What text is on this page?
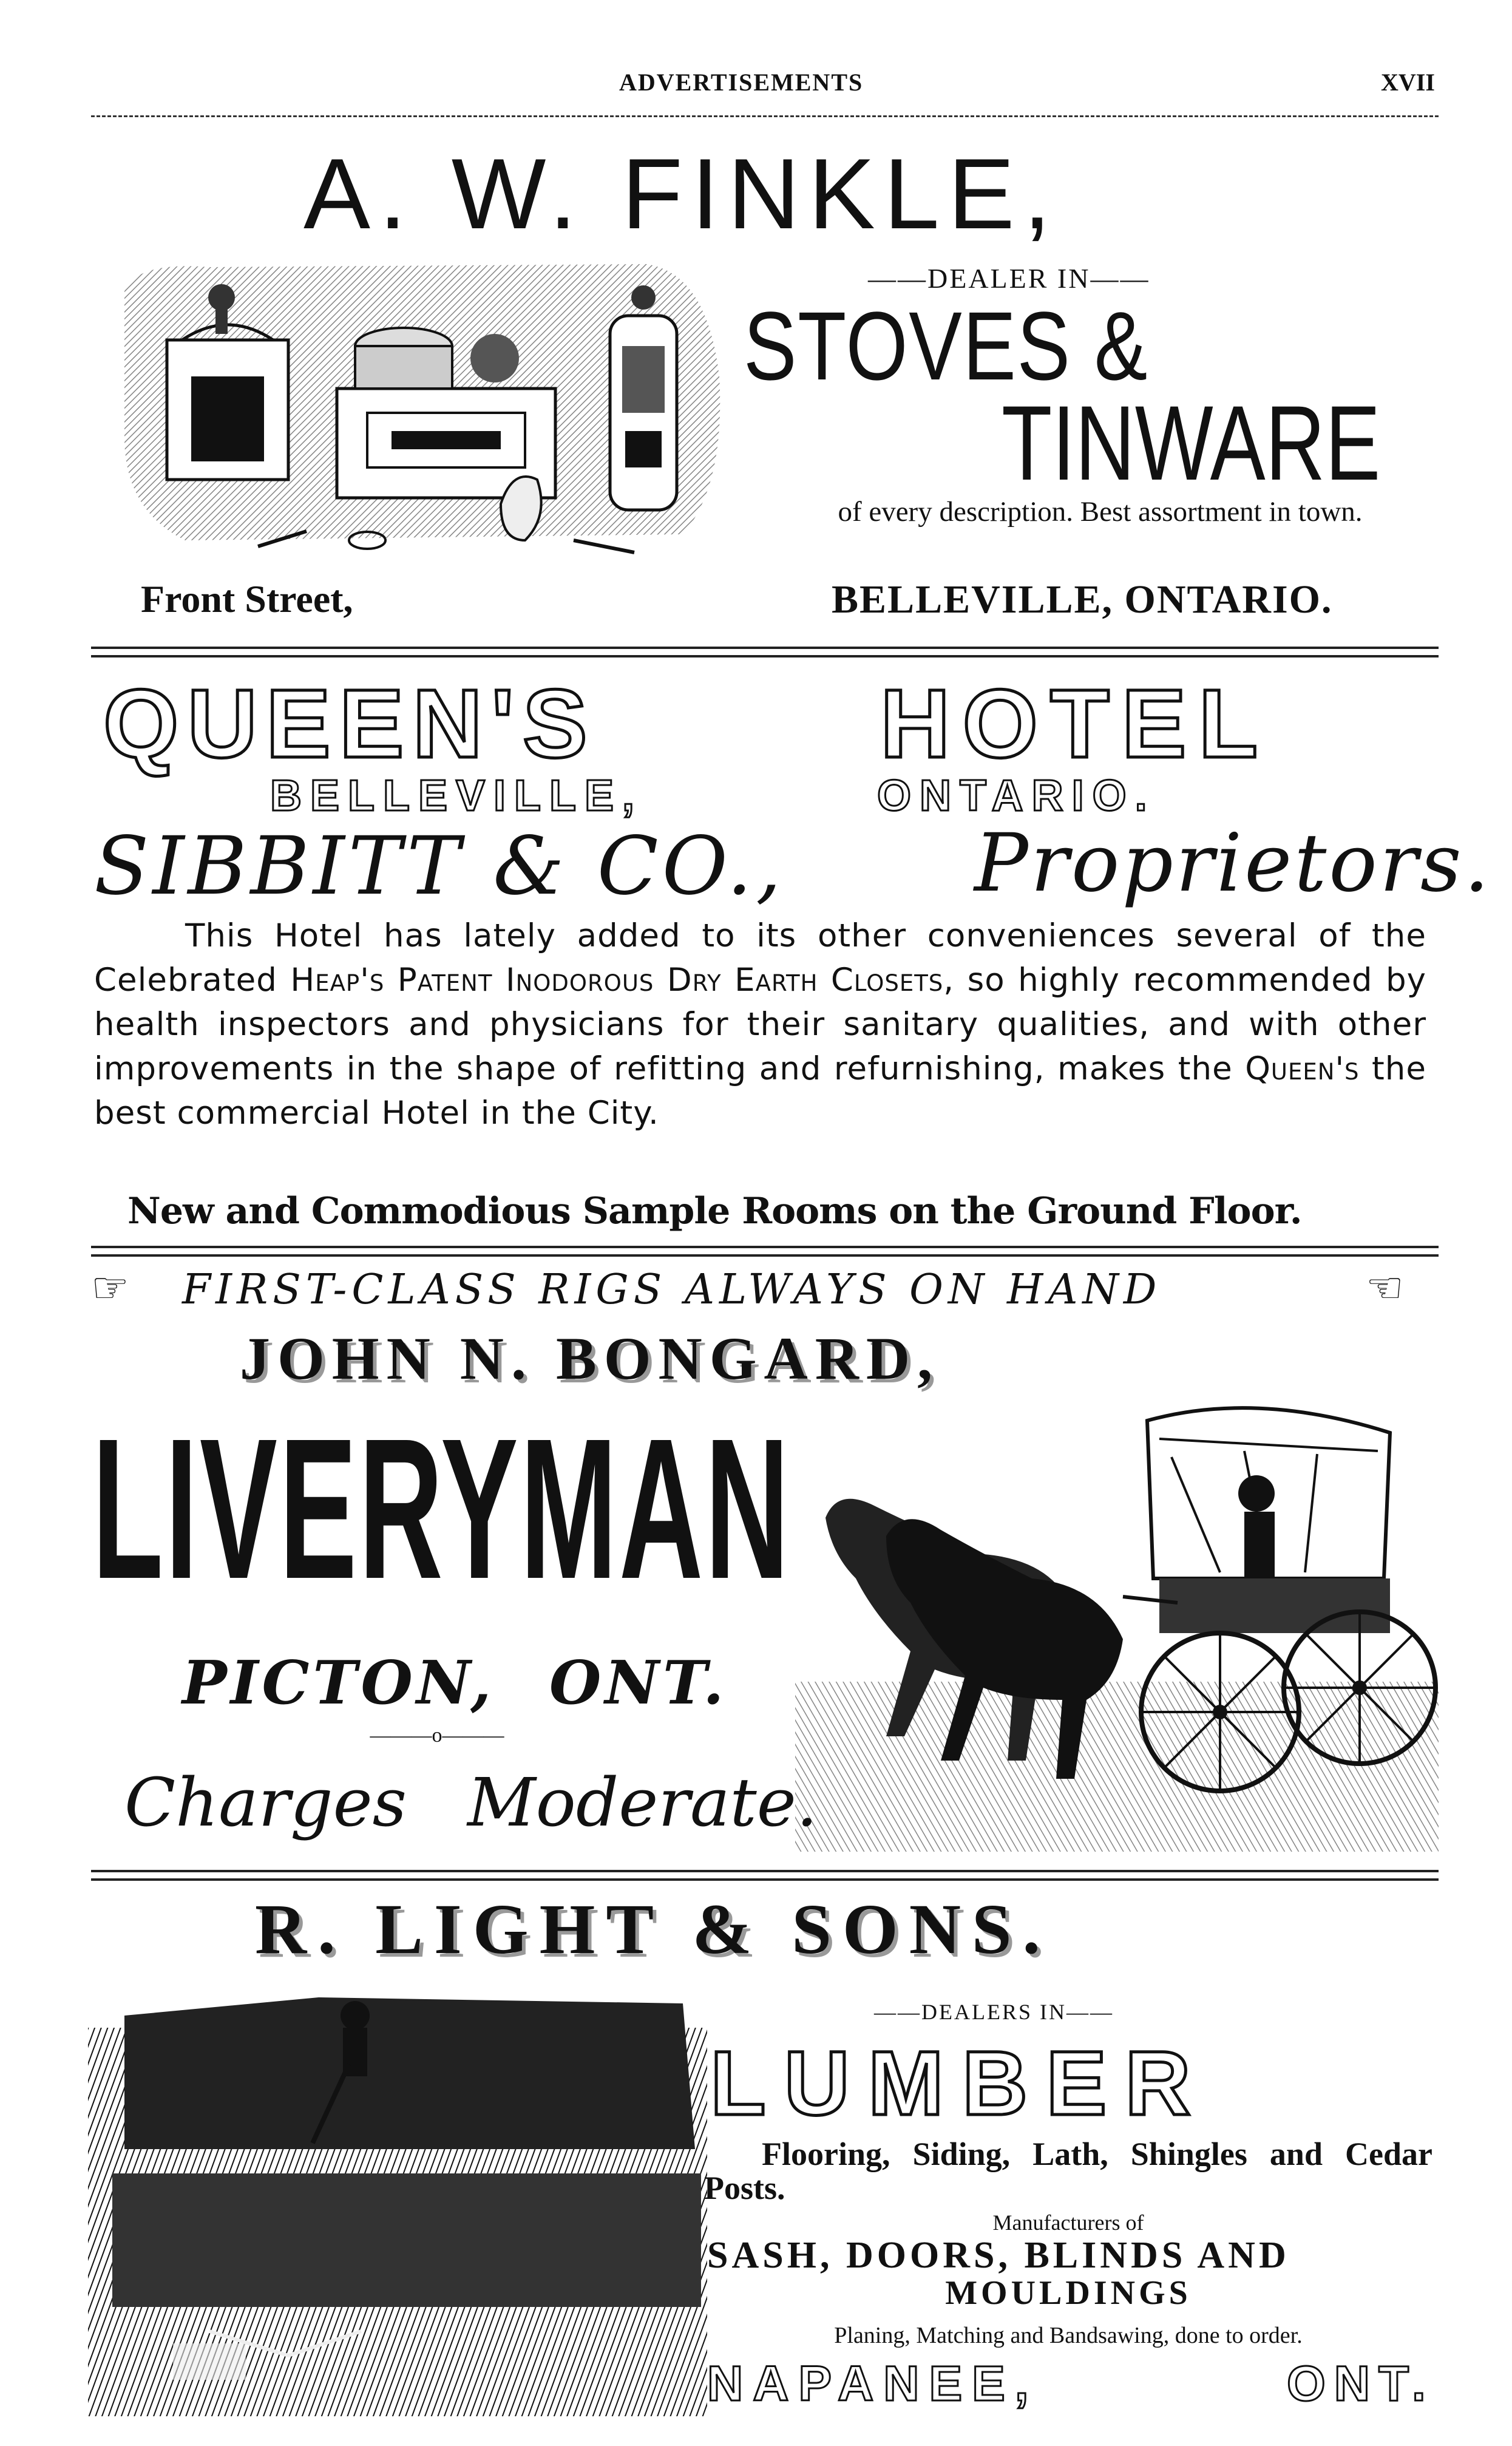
ADVERTISEMENTS	XVII
A. W. FINKLE,
——DEALER IN——
STOVES &
TINWARE
of every description. Best assortment in town.
Front Street,	BELLEVILLE, ONTARIO.
QUEEN'S	HOTEL
BELLEVILLE,	ONTARIO.
SIBBITT & CO., Proprietors.

This Hotel has lately added to its other conveniences several of the Celebrated Heap's Patent Inodorous Dry Earth Closets, so highly recommended by health inspectors and physicians for their sanitary qualities, and with other improvements in the shape of refitting and refurnishing, makes the Queen's the best commercial Hotel in the City.

New and Commodious Sample Rooms on the Ground Floor.
☞ FIRST-CLASS RIGS ALWAYS ON HAND	☜
JOHN N. BONGARD,
LIVERYMAN
PICTON, ONT.
———o———
Charges Moderate.
R. LIGHT & SONS.
——DEALERS IN——
LUMBER
Flooring, Siding, Lath, Shingles and Cedar Posts.
Manufacturers of
SASH, DOORS, BLINDS AND
MOULDINGS
Planing, Matching and Bandsawing, done to order.
NAPANEE,	ONT.
